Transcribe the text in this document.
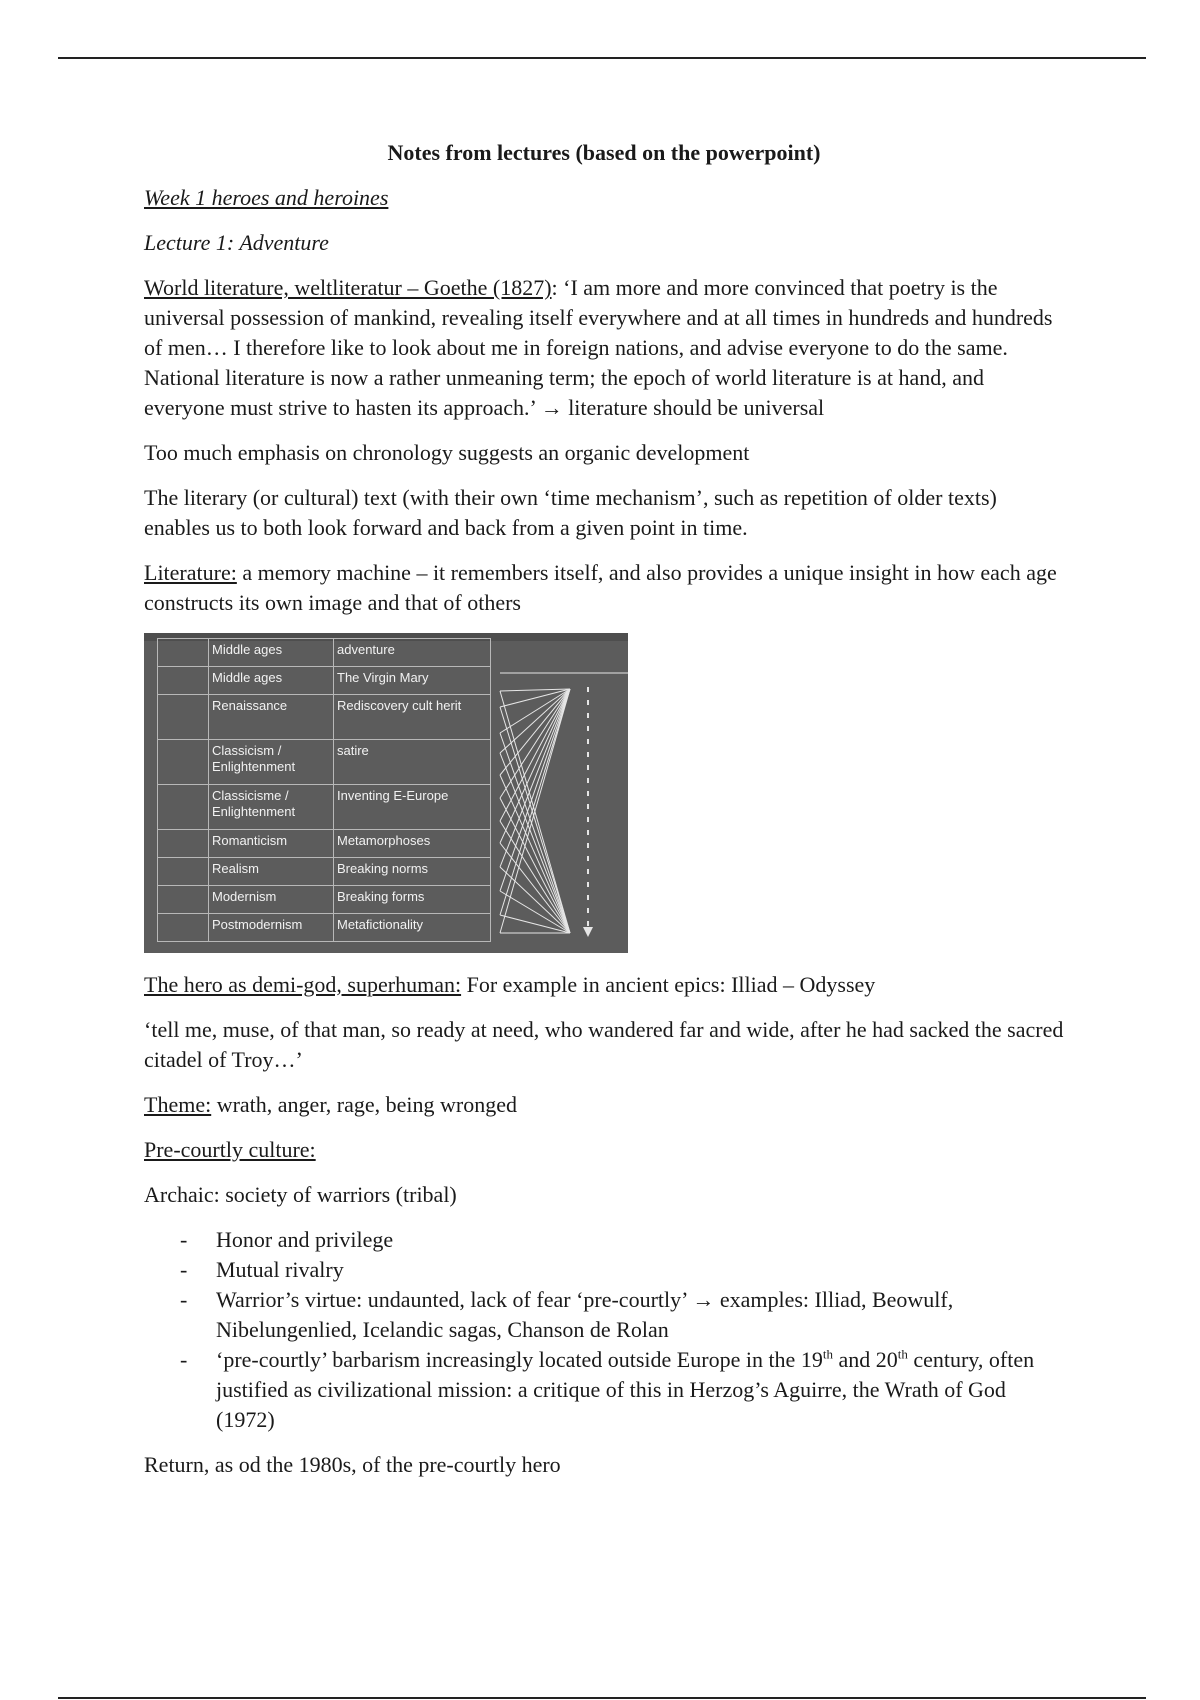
Notes from lectures (based on the powerpoint)

Week 1 heroes and heroines

Lecture 1: Adventure

World literature, weltliteratur – Goethe (1827): ‘I am more and more convinced that poetry is the universal possession of mankind, revealing itself everywhere and at all times in hundreds and hundreds of men… I therefore like to look about me in foreign nations, and advise everyone to do the same. National literature is now a rather unmeaning term; the epoch of world literature is at hand, and everyone must strive to hasten its approach.’ → literature should be universal

Too much emphasis on chronology suggests an organic development

The literary (or cultural) text (with their own ‘time mechanism’, such as repetition of older texts) enables us to both look forward and back from a given point in time.

Literature: a memory machine – it remembers itself, and also provides a unique insight in how each age constructs its own image and that of others

	Middle ages	adventure
	Middle ages	The Virgin Mary
	Renaissance	Rediscovery cult herit
	Classicism / Enlightenment	satire
	Classicisme / Enlightenment	Inventing E-Europe
	Romanticism	Metamorphoses
	Realism	Breaking norms
	Modernism	Breaking forms
	Postmodernism	Metafictionality

The hero as demi-god, superhuman: For example in ancient epics: Illiad – Odyssey

‘tell me, muse, of that man, so ready at need, who wandered far and wide, after he had sacked the sacred citadel of Troy…’

Theme: wrath, anger, rage, being wronged

Pre-courtly culture:

Archaic: society of warriors (tribal)

- Honor and privilege
- Mutual rivalry
- Warrior’s virtue: undaunted, lack of fear ‘pre-courtly’ → examples: Illiad, Beowulf, Nibelungenlied, Icelandic sagas, Chanson de Rolan
- ‘pre-courtly’ barbarism increasingly located outside Europe in the 19th and 20th century, often justified as civilizational mission: a critique of this in Herzog’s Aguirre, the Wrath of God (1972)

Return, as od the 1980s, of the pre-courtly hero
